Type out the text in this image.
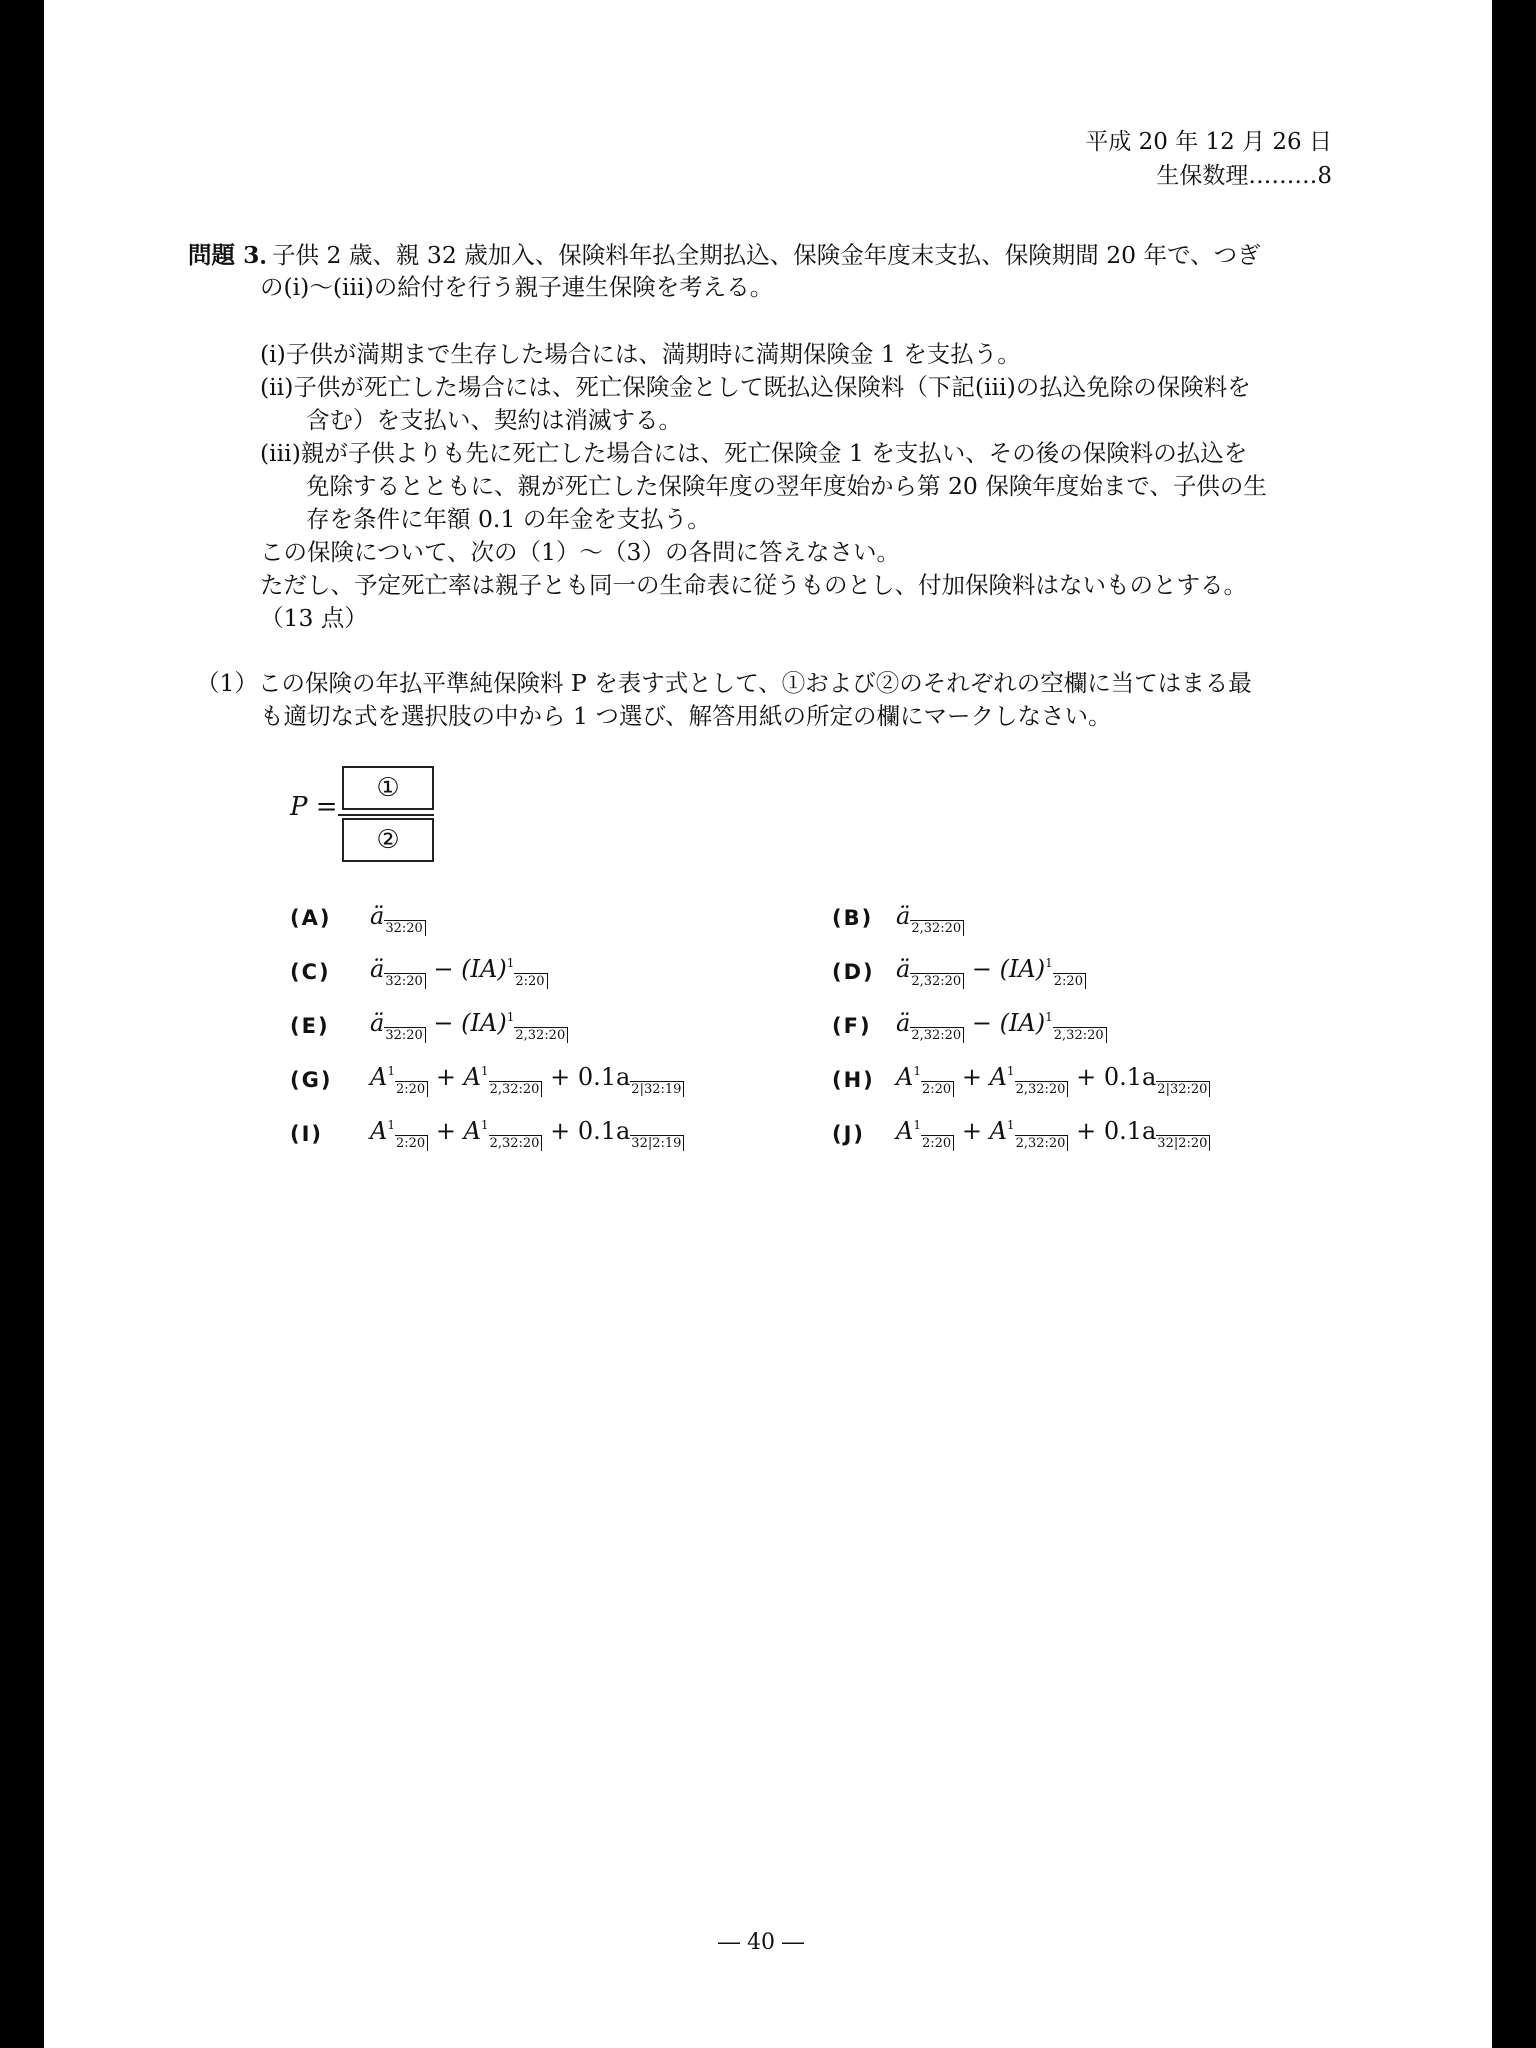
平成 20 年 12 月 26 日
生保数理………8
問題 3．
子供 2 歳、親 32 歳加入、保険料年払全期払込、保険金年度末支払、保険期間 20 年で、つぎ
の(ⅰ)～(ⅲ)の給付を行う親子連生保険を考える。
(ⅰ)子供が満期まで生存した場合には、満期時に満期保険金 1 を支払う。
(ⅱ)子供が死亡した場合には、死亡保険金として既払込保険料（下記(ⅲ)の払込免除の保険料を
含む）を支払い、契約は消滅する。
(ⅲ)親が子供よりも先に死亡した場合には、死亡保険金 1 を支払い、その後の保険料の払込を
免除するとともに、親が死亡した保険年度の翌年度始から第 20 保険年度始まで、子供の生
存を条件に年額 0.1 の年金を支払う。
この保険について、次の（1）～（3）の各問に答えなさい。
ただし、予定死亡率は親子とも同一の生命表に従うものとし、付加保険料はないものとする。
（13 点）
（1）この保険の年払平準純保険料 P を表す式として、①および②のそれぞれの空欄に当てはまる最
も適切な式を選択肢の中から 1 つ選び、解答用紙の所定の欄にマークしなさい。
P =
①
②
(A) $ä_{32:20}$
(C) $ä_{32:20} - (IA)^1_{2:20}$
(E) $ä_{32:20} - (IA)^1_{2,32:20}$
(G) $A^1_{2:20} + A^1_{2,32:20} + 0.1a_{2|32:19}$
(I) $A^1_{2:20} + A^1_{2,32:20} + 0.1a_{32|2:19}$
(B) $ä_{2,32:20}$
(D) $ä_{2,32:20} - (IA)^1_{2:20}$
(F) $ä_{2,32:20} - (IA)^1_{2,32:20}$
(H) $A^1_{2:20} + A^1_{2,32:20} + 0.1a_{2|32:20}$
(J) $A^1_{2:20} + A^1_{2,32:20} + 0.1a_{32|2:20}$
― 40 ―
